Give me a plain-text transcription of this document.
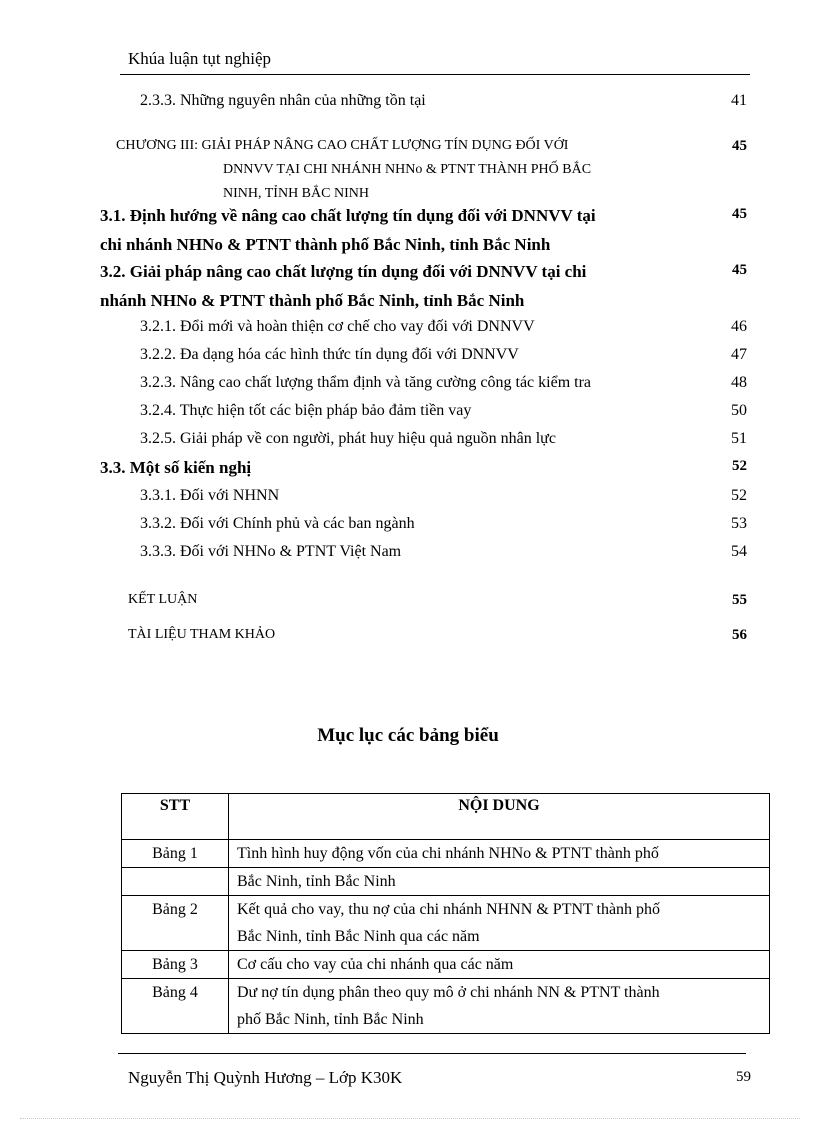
Khúa luận tụt nghiệp
2.3.3. Những nguyên nhân của những tồn tại	41
CHƯƠNG III: GIẢI PHÁP NÂNG CAO CHẤT LƯỢNG TÍN DỤNG ĐỐI VỚI
DNNVV TẠI CHI NHÁNH NHNo & PTNT THÀNH PHỐ BẮC
NINH, TỈNH BẮC NINH
45
3.1. Định hướng về nâng cao chất lượng tín dụng đối với DNNVV tại
chi nhánh NHNo & PTNT thành phố Bắc Ninh, tỉnh Bắc Ninh
45
3.2. Giải pháp nâng cao chất lượng tín dụng đối với DNNVV tại chi
nhánh NHNo & PTNT thành phố Bắc Ninh, tỉnh Bắc Ninh
45
3.2.1. Đổi mới và hoàn thiện cơ chế cho vay đối với DNNVV	46
3.2.2. Đa dạng hóa các hình thức tín dụng đối với DNNVV	47
3.2.3. Nâng cao chất lượng thẩm định và tăng cường công tác kiểm tra	48
3.2.4. Thực hiện tốt các biện pháp bảo đảm tiền vay	50
3.2.5. Giải pháp về con người, phát huy hiệu quả nguồn nhân lực	51
3.3. Một số kiến nghị	52
3.3.1. Đối với NHNN	52
3.3.2. Đối với Chính phủ và các ban ngành	53
3.3.3. Đối với NHNo & PTNT Việt Nam	54
KẾT LUẬN	55
TÀI LIỆU THAM KHẢO	56
Mục lục các bảng biểu
STT	NỘI DUNG
Bảng 1	Tình hình huy động vốn của chi nhánh NHNo & PTNT thành phố
	Bắc Ninh, tỉnh Bắc Ninh
Bảng 2	Kết quả cho vay, thu nợ của chi nhánh NHNN & PTNT thành phố
Bắc Ninh, tỉnh Bắc Ninh qua các năm

Bảng 3	Cơ cấu cho vay của chi nhánh qua các năm
Bảng 4	Dư nợ tín dụng phân theo quy mô ở chi nhánh NN & PTNT thành
phố Bắc Ninh, tỉnh Bắc Ninh
Nguyễn Thị Quỳnh Hương – Lớp K30K	59
